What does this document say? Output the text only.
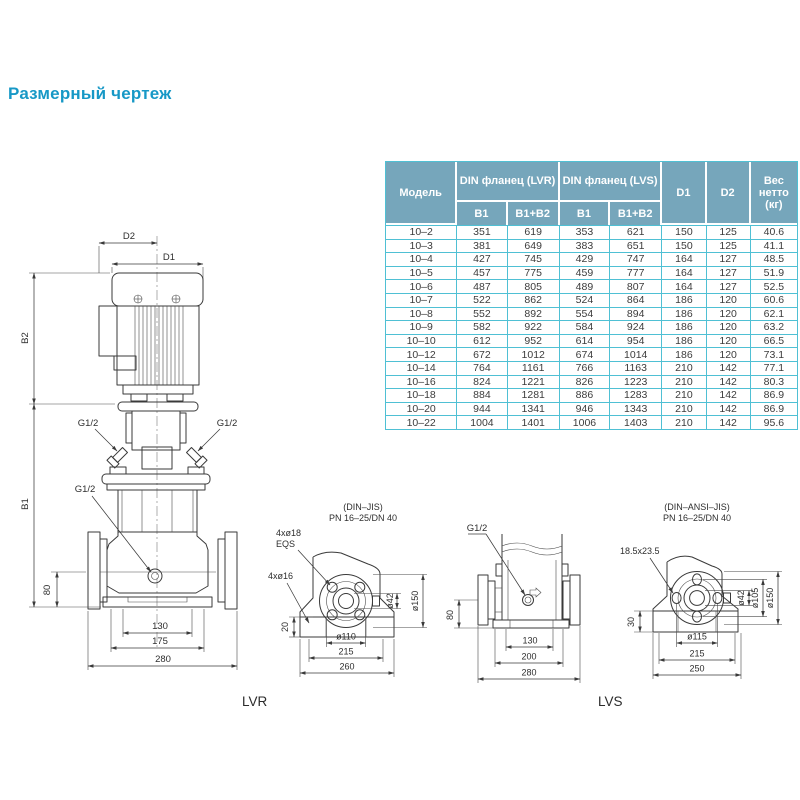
Размерный чертеж
Модель	DIN фланец (LVR)		DIN фланец (LVS)		D1	D2	Вес нетто (кг)
	B1	B1+B2	B1	B1+B2			
10–2	351	619	353	621	150	125	40.6
10–3	381	649	383	651	150	125	41.1
10–4	427	745	429	747	164	127	48.5
10–5	457	775	459	777	164	127	51.9
10–6	487	805	489	807	164	127	52.5
10–7	522	862	524	864	186	120	60.6
10–8	552	892	554	894	186	120	62.1
10–9	582	922	584	924	186	120	63.2
10–10	612	952	614	954	186	120	66.5
10–12	672	1012	674	1014	186	120	73.1
10–14	764	1161	766	1163	210	142	77.1
10–16	824	1221	826	1223	210	142	80.3
10–18	884	1281	886	1283	210	142	86.9
10–20	944	1341	946	1343	210	142	86.9
10–22	1004	1401	1006	1403	210	142	95.6
D2
D1
G1/2	G1/2
G1/2
B2
B1
80
130
175
280
(DIN–JIS)
PN 16–25/DN 40
4xø18
EQS
4xø16
20
ø110
215
260
ø42 ø150
G1/2
80
130
200
280
(DIN–ANSI–JIS)
PN 16–25/DN 40
18.5x23.5
30
ø115
215
250
ø42 ø105 ø150
LVR	LVS
